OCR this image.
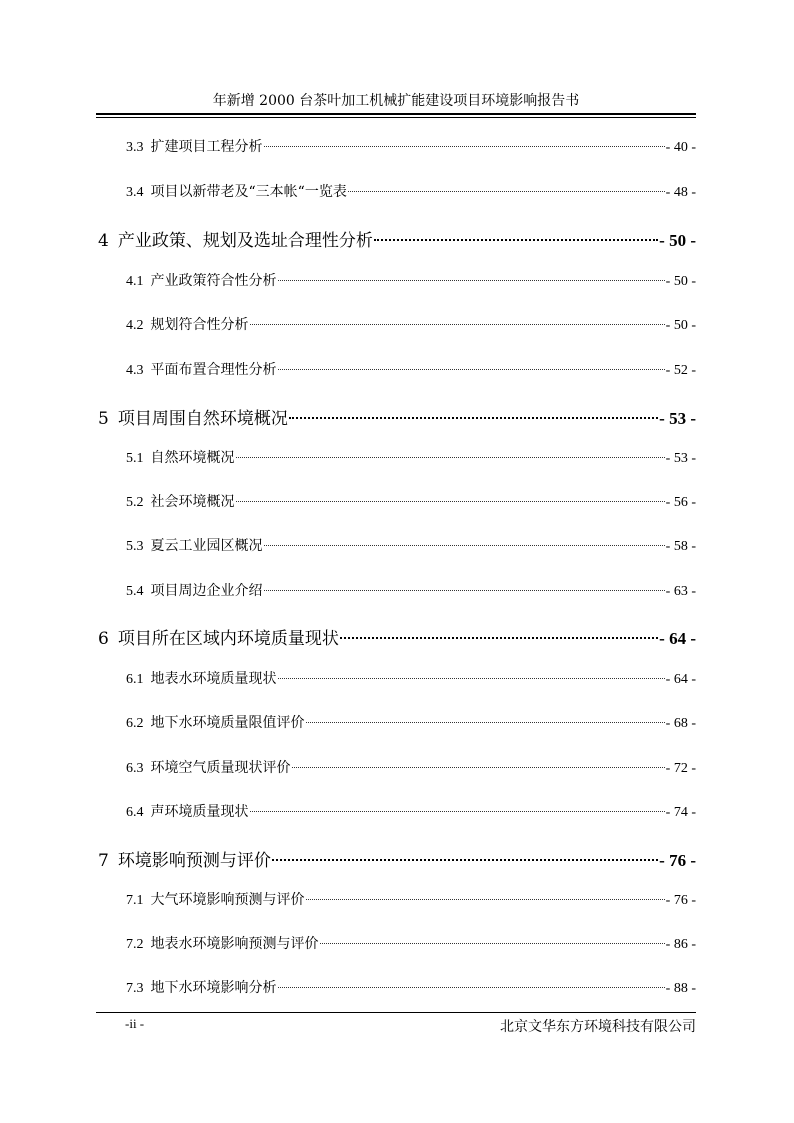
年新增 2000 台茶叶加工机械扩能建设项目环境影响报告书
3.3 扩建项目工程分析	- 40 -
3.4 项目以新带老及“三本帐“一览表	- 48 -
4 产业政策、规划及选址合理性分析	- 50 -
4.1 产业政策符合性分析	- 50 -
4.2 规划符合性分析	- 50 -
4.3 平面布置合理性分析	- 52 -
5 项目周围自然环境概况	- 53 -
5.1 自然环境概况	- 53 -
5.2 社会环境概况	- 56 -
5.3 夏云工业园区概况	- 58 -
5.4 项目周边企业介绍	- 63 -
6 项目所在区域内环境质量现状	- 64 -
6.1 地表水环境质量现状	- 64 -
6.2 地下水环境质量限值评价	- 68 -
6.3 环境空气质量现状评价	- 72 -
6.4 声环境质量现状	- 74 -
7 环境影响预测与评价	- 76 -
7.1 大气环境影响预测与评价	- 76 -
7.2 地表水环境影响预测与评价	- 86 -
7.3 地下水环境影响分析	- 88 -
-ii -	北京文华东方环境科技有限公司
